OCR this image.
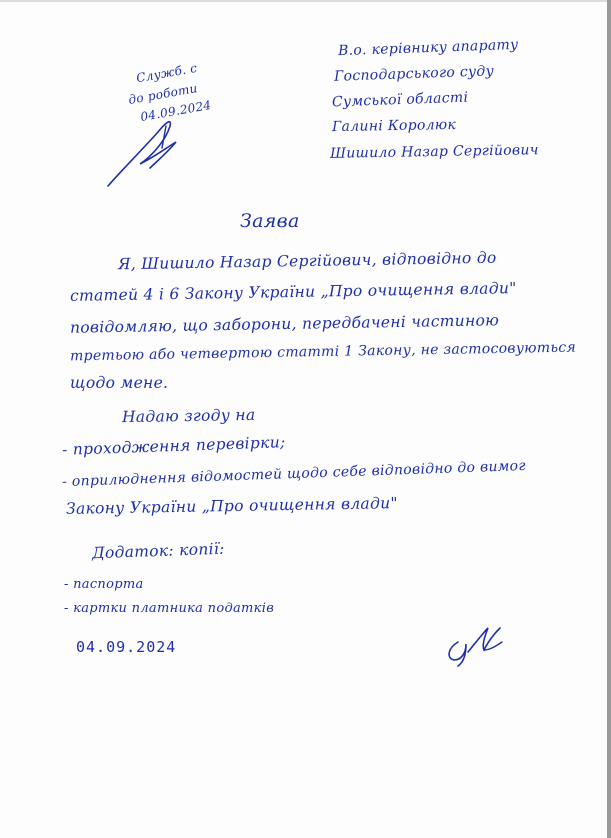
Cлужб. с
до роботи
04.09.2024
В.о. керівнику апарату
Господарського суду
Сумської області
Галині Королюк
Шишило Назар Сергійович
Заява
Я, Шишило Назар Сергійович, відповідно до
статей 4 і 6 Закону України „Про очищення влади"
повідомляю, що заборони, передбачені частиною
третьою або четвертою статті 1 Закону, не застосовуються
щодо мене.
Надаю згоду на
- проходження перевірки;
- оприлюднення відомостей щодо себе відповідно до вимог
Закону України „Про очищення влади"
Додаток: копії:
- паспорта
- картки платника податків
04.09.2024
